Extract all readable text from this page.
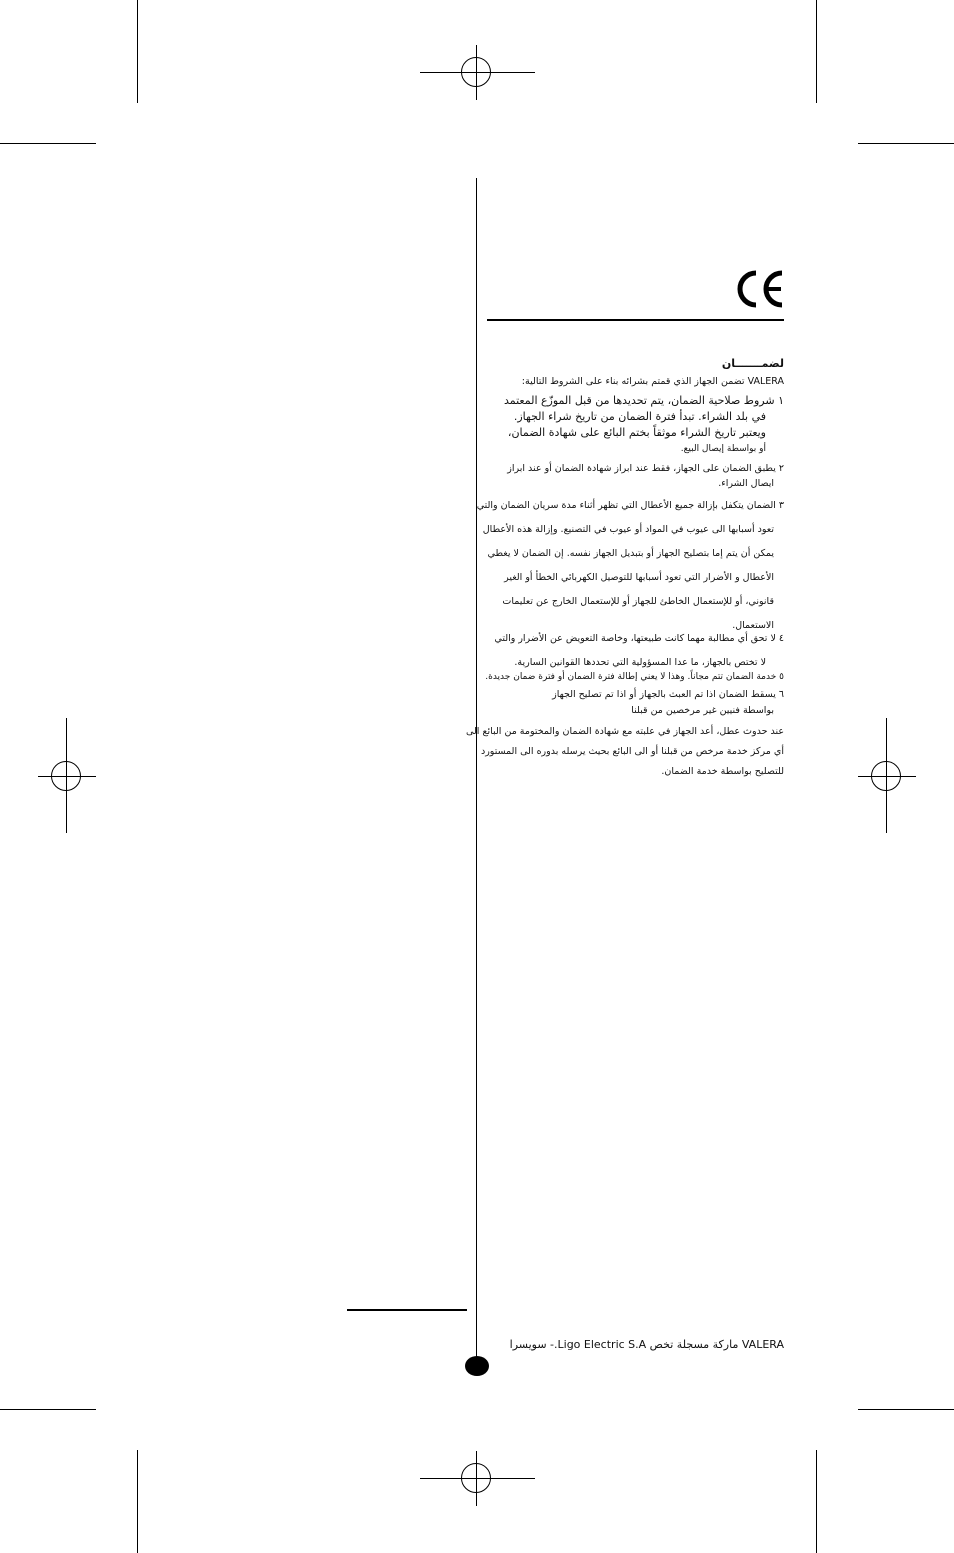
CE
لضمـــــــان
VALERA تضمن الجهاز الذي قمتم بشرائه بناء على الشروط التالية:

١ شروط صلاحية الضمان، يتم تحديدها من قبل الموزّع المعتمد

في بلد الشراء. تبدأ فترة الضمان من تاريخ شراء الجهاز.

ويعتبر تاريخ الشراء موثقاً بختم البائع على شهادة الضمان،

أو بواسطة إيصال البيع.

٢ يطبق الضمان على الجهاز، فقط عند ابراز شهادة الضمان أو عند ابراز

ايصال الشراء.

٣ الضمان يتكفل بإزالة جميع الأعطال التي تظهر أثناء مدة سريان الضمان والتي

تعود أسبابها الى عيوب في المواد أو عيوب في التصنيع. وإزالة هذه الأعطال

يمكن أن يتم إما بتصليح الجهاز أو بتبديل الجهاز نفسه. إن الضمان لا يغطي

الأعطال و الأضرار التي تعود أسبابها للتوصيل الكهربائي الخطأ أو الغير

قانوني، أو للإستعمال الخاطئ للجهاز أو للإستعمال الخارج عن تعليمات

الاستعمال.

٤ لا تحق أي مطالبة مهما كانت طبيعتها، وخاصة التعويض عن الأضرار والتي

لا تختص بالجهاز، ما عدا المسؤولية التي تحددها القوانين السارية.

٥ خدمة الضمان تتم مجاناً. وهذا لا يعني إطالة فترة الضمان أو فترة ضمان جديدة.

٦ يسقط الضمان اذا تم العبث بالجهاز أو اذا تم تصليح الجهاز

بواسطة فنيين غير مرخصين من قبلنا

عند حدوث عطل، أعد الجهاز في علبته مع شهادة الضمان والمختومة من البائع الى

أي مركز خدمة مرخص من قبلنا أو الى البائع بحيث يرسله بدوره الى المستورد

للتصليح بواسطة خدمة الضمان.

VALERA ماركة مسجلة تخص Ligo Electric S.A.- سويسرا
